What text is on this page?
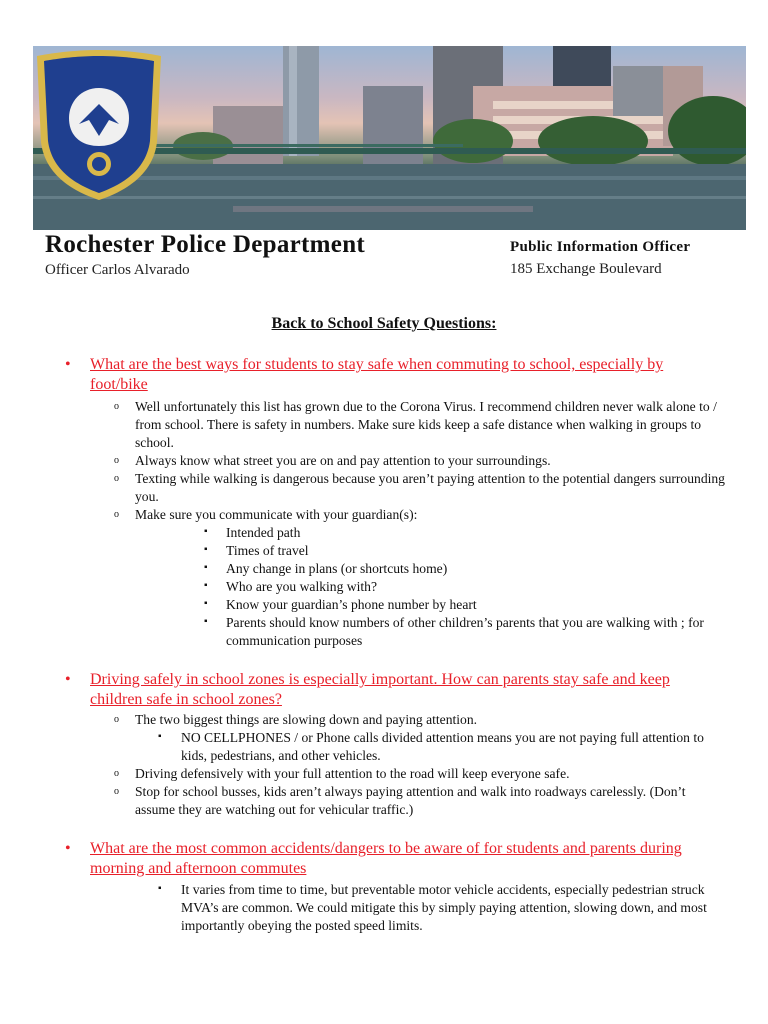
Rochester Police Department
Officer Carlos Alvarado
Public Information Officer
185 Exchange Boulevard
Back to School Safety Questions:
• What are the best ways for students to stay safe when commuting to school, especially by foot/bike
o Well unfortunately this list has grown due to the Corona Virus. I recommend children never walk alone to / from school. There is safety in numbers. Make sure kids keep a safe distance when walking in groups to school.
o Always know what street you are on and pay attention to your surroundings.
o Texting while walking is dangerous because you aren’t paying attention to the potential dangers surrounding you.
o Make sure you communicate with your guardian(s):
▪ Intended path
▪ Times of travel
▪ Any change in plans (or shortcuts home)
▪ Who are you walking with?
▪ Know your guardian’s phone number by heart
▪ Parents should know numbers of other children’s parents that you are walking with ; for communication purposes
• Driving safely in school zones is especially important. How can parents stay safe and keep children safe in school zones?
o The two biggest things are slowing down and paying attention.
▪ NO CELLPHONES / or Phone calls divided attention means you are not paying full attention to kids, pedestrians, and other vehicles.
o Driving defensively with your full attention to the road will keep everyone safe.
o Stop for school busses, kids aren’t always paying attention and walk into roadways carelessly. (Don’t assume they are watching out for vehicular traffic.)
• What are the most common accidents/dangers to be aware of for students and parents during morning and afternoon commutes
▪ It varies from time to time, but preventable motor vehicle accidents, especially pedestrian struck MVA’s are common. We could mitigate this by simply paying attention, slowing down, and most importantly obeying the posted speed limits.
